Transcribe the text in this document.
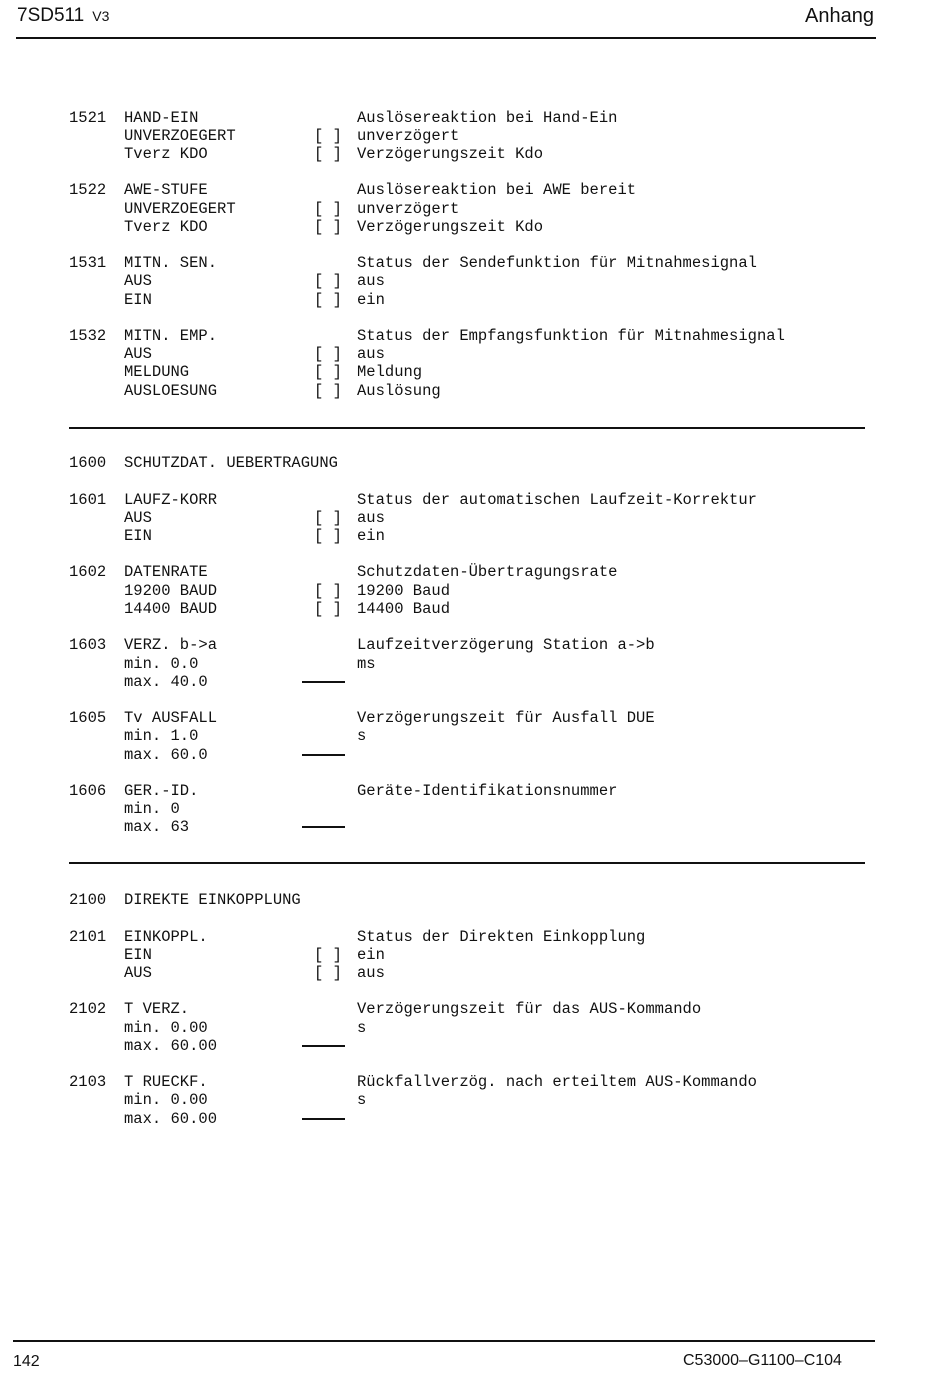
7SD511 V3	Anhang
1521 HAND-EIN	Auslösereaktion bei Hand-Ein
UNVERZOEGERT	[ ] unverzögert
Tverz KDO	[ ] Verzögerungszeit Kdo
1522 AWE-STUFE	Auslösereaktion bei AWE bereit
UNVERZOEGERT	[ ] unverzögert
Tverz KDO	[ ] Verzögerungszeit Kdo
1531 MITN. SEN.	Status der Sendefunktion für Mitnahmesignal
AUS	[ ] aus
EIN	[ ] ein
1532 MITN. EMP.	Status der Empfangsfunktion für Mitnahmesignal
AUS	[ ] aus
MELDUNG	[ ] Meldung
AUSLOESUNG	[ ] Auslösung
1600 SCHUTZDAT. UEBERTRAGUNG
1601 LAUFZ-KORR	Status der automatischen Laufzeit-Korrektur
AUS	[ ] aus
EIN	[ ] ein
1602 DATENRATE	Schutzdaten-Übertragungsrate
19200 BAUD	[ ] 19200 Baud
14400 BAUD	[ ] 14400 Baud
1603 VERZ. b->a	Laufzeitverzögerung Station a->b
min. 0.0	ms
max. 40.0
1605 Tv AUSFALL	Verzögerungszeit für Ausfall DUE
min. 1.0	s
max. 60.0
1606 GER.-ID.	Geräte-Identifikationsnummer
min. 0
max. 63
2100 DIREKTE EINKOPPLUNG
2101 EINKOPPL.	Status der Direkten Einkopplung
EIN	[ ] ein
AUS	[ ] aus
2102 T VERZ.	Verzögerungszeit für das AUS-Kommando
min. 0.00	s
max. 60.00
2103 T RUECKF.	Rückfallverzög. nach erteiltem AUS-Kommando
min. 0.00	s
max. 60.00
142	C53000–G1100–C104
